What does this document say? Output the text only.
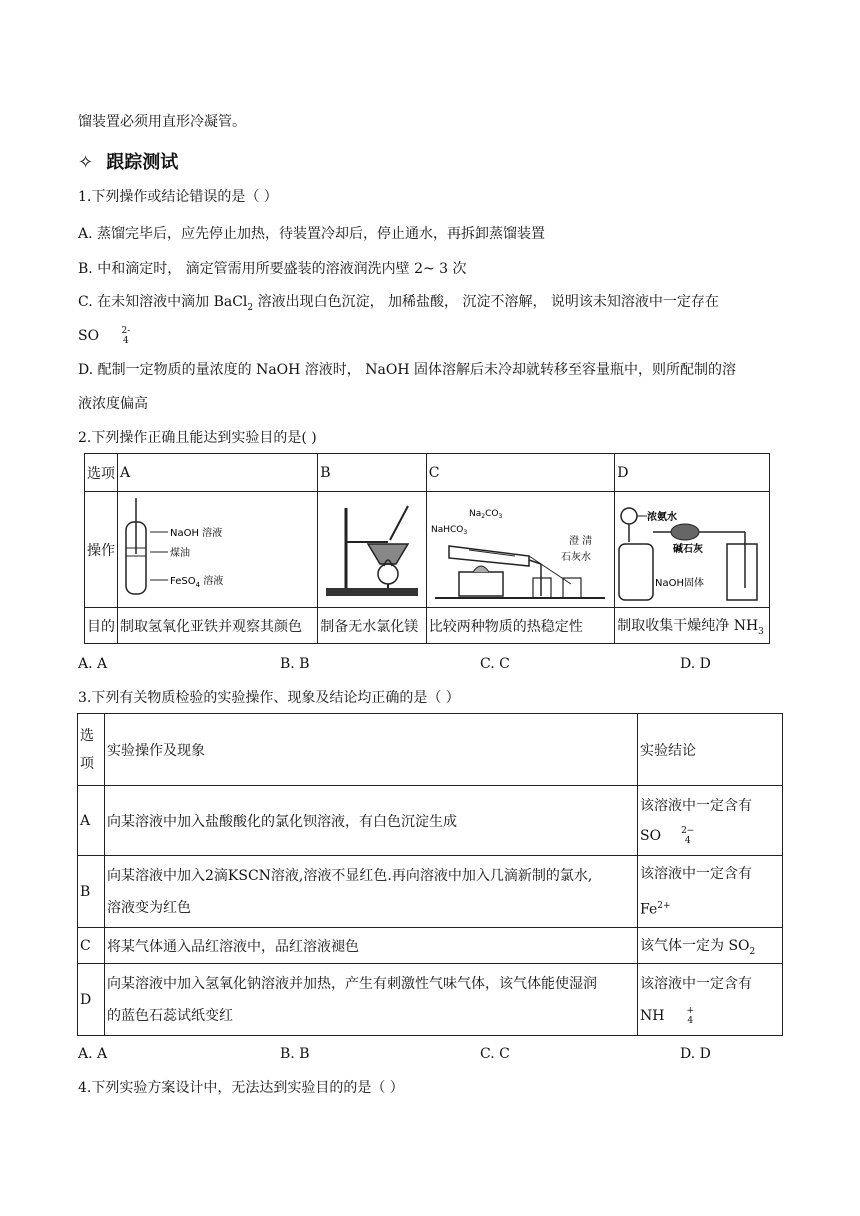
馏装置必须用直形冷凝管。
✧ 跟踪测试
1.下列操作或结论错误的是（ ）
A. 蒸馏完毕后，应先停止加热，待装置冷却后，停止通水，再拆卸蒸馏装置
B. 中和滴定时， 滴定管需用所要盛装的溶液润洗内壁 2~ 3 次
C. 在未知溶液中滴加 BaCl$_2$ 溶液出现白色沉淀， 加稀盐酸， 沉淀不溶解， 说明该未知溶液中一定存在
SO 2-
4
D. 配制一定物质的量浓度的 NaOH 溶液时， NaOH 固体溶解后未冷却就转移至容量瓶中，则所配制的溶
液浓度偏高
2.下列操作正确且能达到实验目的是( )
选项	A	B	C	D
操作	NaOH 溶液
煤油
FeSO$_4$ 溶液		$Na_2CO_3$
NaHCO$_3$
澄 清
石灰水	浓氨水
碱石灰
NaOH固体

目的	制取氢氧化亚铁并观察其颜色	制备无水氯化镁	比较两种物质的热稳定性	制取收集干燥纯净 $NH_3$
A. A	B. B	C. C	D. D
3.下列有关物质检验的实验操作、现象及结论均正确的是（ ）
选
项	实验操作及现象	实验结论
A	向某溶液中加入盐酸酸化的氯化钡溶液，有白色沉淀生成	该溶液中一定含有
SO 2−
4

B	向某溶液中加入2滴KSCN溶液,溶液不显红色.再向溶液中加入几滴新制的氯水,
溶液变为红色	该溶液中一定含有
$Fe^{2+}$
C	将某气体通入品红溶液中，品红溶液褪色	该气体一定为 $SO_2$
D	向某溶液中加入氢氧化钠溶液并加热，产生有刺激性气味气体，该气体能使湿润
的蓝色石蕊试纸变红	该溶液中一定含有
NH +
4
A. A	B. B	C. C	D. D
4.下列实验方案设计中，无法达到实验目的的是（ ）
